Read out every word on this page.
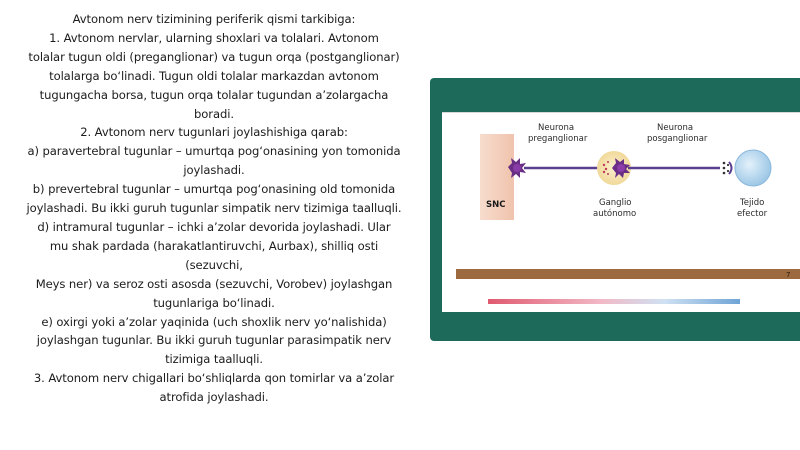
Avtonom nerv tizimining periferik qismi tarkibiga:
1. Avtonom nervlar, ularning shoxlari va tolalari. Avtonom
tolalar tugun oldi (preganglionar) va tugun orqa (postganglionar)
tolalarga bo‘linadi. Tugun oldi tolalar markazdan avtonom
tugungacha borsa, tugun orqa tolalar tugundan a’zolargacha
boradi.
2. Avtonom nerv tugunlari joylashishiga qarab:
a) paravertebral tugunlar – umurtqa pog‘onasining yon tomonida
joylashadi.
b) prevertebral tugunlar – umurtqa pog‘onasining old tomonida
joylashadi. Bu ikki guruh tugunlar simpatik nerv tizimiga taalluqli.
d) intramural tugunlar – ichki a’zolar devorida joylashadi. Ular
mu shak pardada (harakatlantiruvchi, Aurbax), shilliq osti
(sezuvchi,
Meys ner) va seroz osti asosda (sezuvchi, Vorobev) joylashgan
tugunlariga bo‘linadi.
e) oxirgi yoki a’zolar yaqinida (uch shoxlik nerv yo‘nalishida)
joylashgan tugunlar. Bu ikki guruh tugunlar parasimpatik nerv
tizimiga taalluqli.
3. Avtonom nerv chigallari bo‘shliqlarda qon tomirlar va a’zolar
atrofida joylashadi.
SNC
Neurona
preganglionar
Neurona
posganglionar
Ganglio
autónomo
Tejido
efector
7
